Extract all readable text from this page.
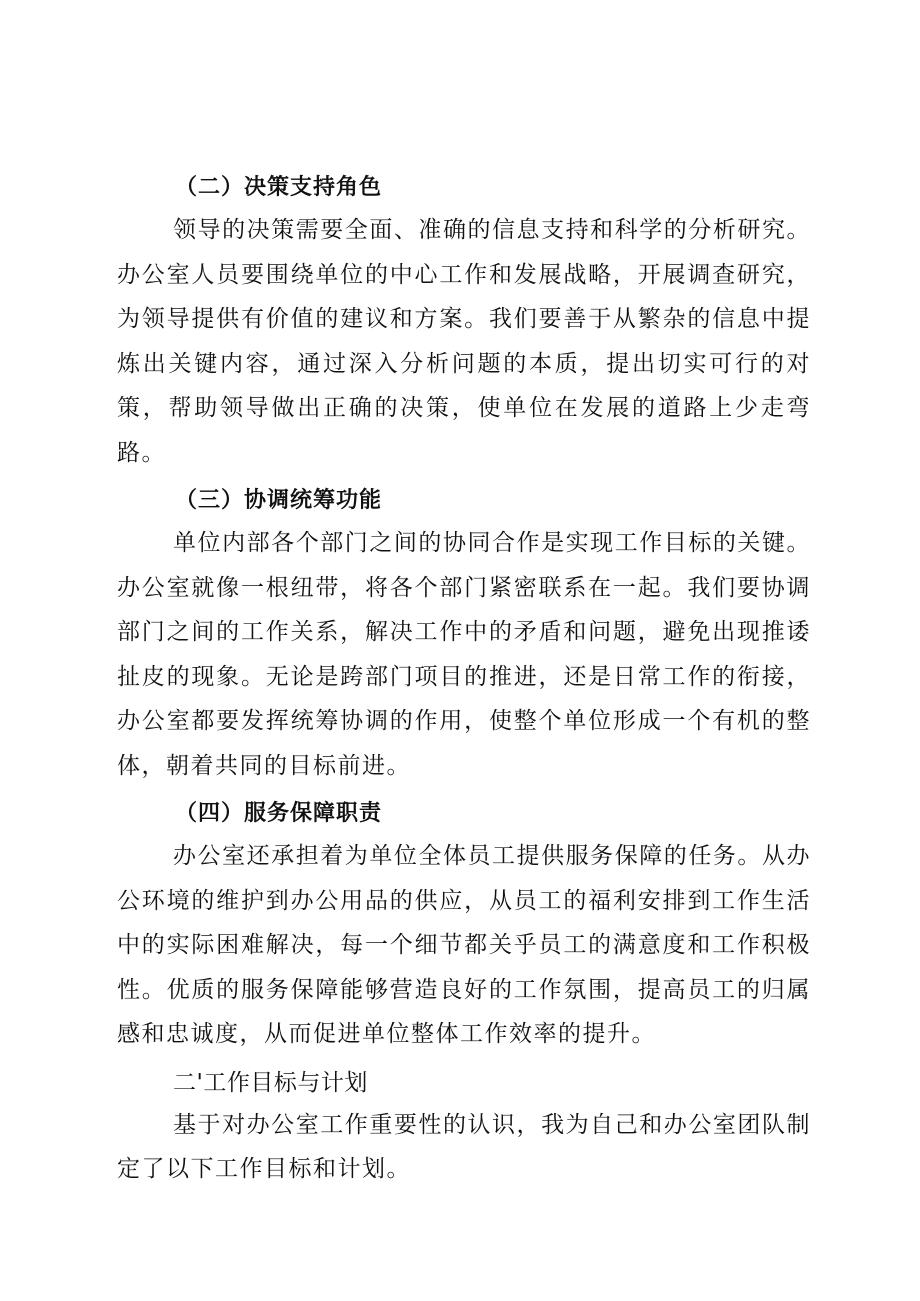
（二）决策支持角色

领导的决策需要全面、准确的信息支持和科学的分析研究。办公室人员要围绕单位的中心工作和发展战略，开展调查研究，为领导提供有价值的建议和方案。我们要善于从繁杂的信息中提炼出关键内容，通过深入分析问题的本质，提出切实可行的对策，帮助领导做出正确的决策，使单位在发展的道路上少走弯路。

（三）协调统筹功能

单位内部各个部门之间的协同合作是实现工作目标的关键。办公室就像一根纽带，将各个部门紧密联系在一起。我们要协调部门之间的工作关系，解决工作中的矛盾和问题，避免出现推诿扯皮的现象。无论是跨部门项目的推进，还是日常工作的衔接，办公室都要发挥统筹协调的作用，使整个单位形成一个有机的整体，朝着共同的目标前进。

（四）服务保障职责

办公室还承担着为单位全体员工提供服务保障的任务。从办公环境的维护到办公用品的供应，从员工的福利安排到工作生活中的实际困难解决，每一个细节都关乎员工的满意度和工作积极性。优质的服务保障能够营造良好的工作氛围，提高员工的归属感和忠诚度，从而促进单位整体工作效率的提升。

二'工作目标与计划

基于对办公室工作重要性的认识，我为自己和办公室团队制定了以下工作目标和计划。
